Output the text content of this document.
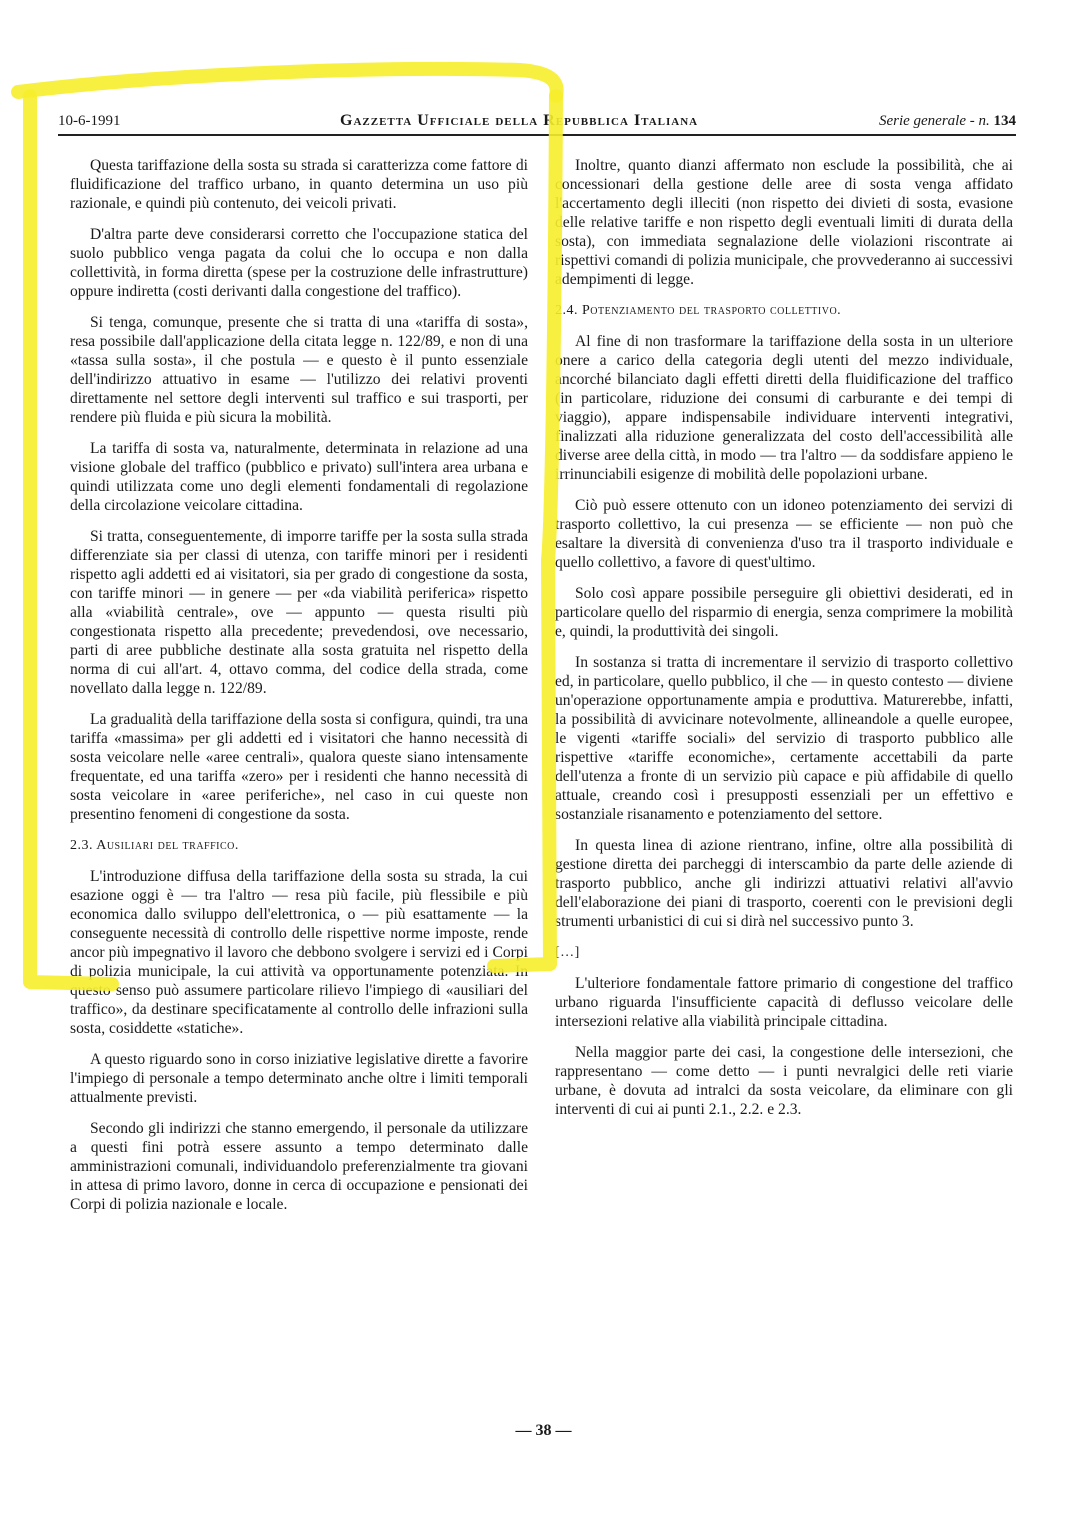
10-6-1991	Gazzetta Ufficiale della Repubblica Italiana	Serie generale - n. 134

Questa tariffazione della sosta su strada si caratterizza come fattore di fluidificazione del traffico urbano, in quanto determina un uso più razionale, e quindi più contenuto, dei veicoli privati.

D'altra parte deve considerarsi corretto che l'occupazione statica del suolo pubblico venga pagata da colui che lo occupa e non dalla collettività, in forma diretta (spese per la costruzione delle infrastrutture) oppure indiretta (costi derivanti dalla congestione del traffico).

Si tenga, comunque, presente che si tratta di una «tariffa di sosta», resa possibile dall'applicazione della citata legge n. 122/89, e non di una «tassa sulla sosta», il che postula — e questo è il punto essenziale dell'indirizzo attuativo in esame — l'utilizzo dei relativi proventi direttamente nel settore degli interventi sul traffico e sui trasporti, per rendere più fluida e più sicura la mobilità.

La tariffa di sosta va, naturalmente, determinata in relazione ad una visione globale del traffico (pubblico e privato) sull'intera area urbana e quindi utilizzata come uno degli elementi fondamentali di regolazione della circolazione veicolare cittadina.

Si tratta, conseguentemente, di imporre tariffe per la sosta sulla strada differenziate sia per classi di utenza, con tariffe minori per i residenti rispetto agli addetti ed ai visitatori, sia per grado di congestione da sosta, con tariffe minori — in genere — per «da viabilità periferica» rispetto alla «viabilità centrale», ove — appunto — questa risulti più congestionata rispetto alla precedente; prevedendosi, ove necessario, parti di aree pubbliche destinate alla sosta gratuita nel rispetto della norma di cui all'art. 4, ottavo comma, del codice della strada, come novellato dalla legge n. 122/89.

La gradualità della tariffazione della sosta si configura, quindi, tra una tariffa «massima» per gli addetti ed i visitatori che hanno necessità di sosta veicolare nelle «aree centrali», qualora queste siano intensamente frequentate, ed una tariffa «zero» per i residenti che hanno necessità di sosta veicolare in «aree periferiche», nel caso in cui queste non presentino fenomeni di congestione da sosta.

2.3. Ausiliari del traffico.

L'introduzione diffusa della tariffazione della sosta su strada, la cui esazione oggi è — tra l'altro — resa più facile, più flessibile e più economica dallo sviluppo dell'elettronica, o — più esattamente — la conseguente necessità di controllo delle rispettive norme imposte, rende ancor più impegnativo il lavoro che debbono svolgere i servizi ed i Corpi di polizia municipale, la cui attività va opportunamente potenziata. In questo senso può assumere particolare rilievo l'impiego di «ausiliari del traffico», da destinare specificatamente al controllo delle infrazioni sulla sosta, cosiddette «statiche».

A questo riguardo sono in corso iniziative legislative dirette a favorire l'impiego di personale a tempo determinato anche oltre i limiti temporali attualmente previsti.

Secondo gli indirizzi che stanno emergendo, il personale da utilizzare a questi fini potrà essere assunto a tempo determinato dalle amministrazioni comunali, individuandolo preferenzialmente tra giovani in attesa di primo lavoro, donne in cerca di occupazione e pensionati dei Corpi di polizia nazionale e locale.

Inoltre, quanto dianzi affermato non esclude la possibilità, che ai concessionari della gestione delle aree di sosta venga affidato l'accertamento degli illeciti (non rispetto dei divieti di sosta, evasione delle relative tariffe e non rispetto degli eventuali limiti di durata della sosta), con immediata segnalazione delle violazioni riscontrate ai rispettivi comandi di polizia municipale, che provvederanno ai successivi adempimenti di legge.

2.4. Potenziamento del trasporto collettivo.

Al fine di non trasformare la tariffazione della sosta in un ulteriore onere a carico della categoria degli utenti del mezzo individuale, ancorché bilanciato dagli effetti diretti della fluidificazione del traffico (in particolare, riduzione dei consumi di carburante e dei tempi di viaggio), appare indispensabile individuare interventi integrativi, finalizzati alla riduzione generalizzata del costo dell'accessibilità alle diverse aree della città, in modo — tra l'altro — da soddisfare appieno le irrinunciabili esigenze di mobilità delle popolazioni urbane.

Ciò può essere ottenuto con un idoneo potenziamento dei servizi di trasporto collettivo, la cui presenza — se efficiente — non può che esaltare la diversità di convenienza d'uso tra il trasporto individuale e quello collettivo, a favore di quest'ultimo.

Solo così appare possibile perseguire gli obiettivi desiderati, ed in particolare quello del risparmio di energia, senza comprimere la mobilità e, quindi, la produttività dei singoli.

In sostanza si tratta di incrementare il servizio di trasporto collettivo ed, in particolare, quello pubblico, il che — in questo contesto — diviene un'operazione opportunamente ampia e produttiva. Maturerebbe, infatti, la possibilità di avvicinare notevolmente, allineandole a quelle europee, le vigenti «tariffe sociali» del servizio di trasporto pubblico alle rispettive «tariffe economiche», certamente accettabili da parte dell'utenza a fronte di un servizio più capace e più affidabile di quello attuale, creando così i presupposti essenziali per un effettivo e sostanziale risanamento e potenziamento del settore.

In questa linea di azione rientrano, infine, oltre alla possibilità di gestione diretta dei parcheggi di interscambio da parte delle aziende di trasporto pubblico, anche gli indirizzi attuativi relativi all'avvio dell'elaborazione dei piani di trasporto, coerenti con le previsioni degli strumenti urbanistici di cui si dirà nel successivo punto 3.

[…]

L'ulteriore fondamentale fattore primario di congestione del traffico urbano riguarda l'insufficiente capacità di deflusso veicolare delle intersezioni relative alla viabilità principale cittadina.

Nella maggior parte dei casi, la congestione delle intersezioni, che rappresentano — come detto — i punti nevralgici delle reti viarie urbane, è dovuta ad intralci da sosta veicolare, da eliminare con gli interventi di cui ai punti 2.1., 2.2. e 2.3.

— 38 —
